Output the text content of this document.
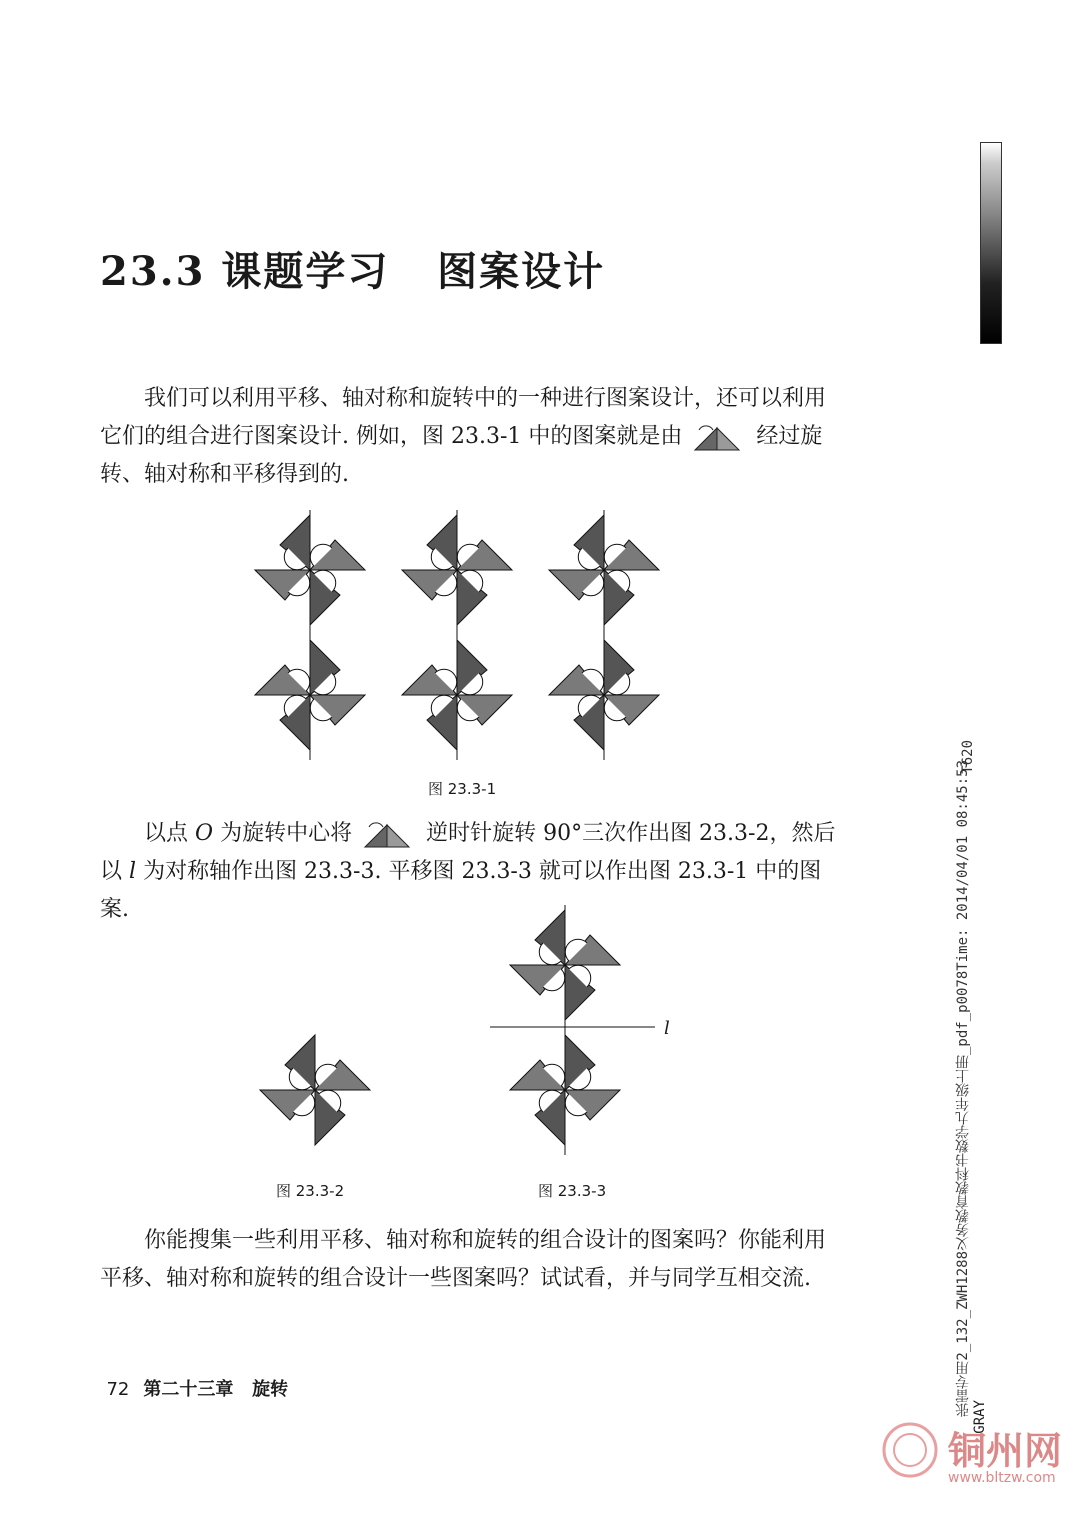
23.3 课题学习   图案设计
我们可以利用平移、轴对称和旋转中的一种进行图案设计，还可以利用它们的组合进行图案设计. 例如，图 23.3-1 中的图案就是由	经过旋转、轴对称和平移得到的.
图 23.3-1
以点 O 为旋转中心将	逆时针旋转 90°三次作出图 23.3-2，然后以 l 为对称轴作出图 23.3-3. 平移图 23.3-3 就可以作出图 23.3-1 中的图案.
图 23.3-2
l
图 23.3-3
你能搜集一些利用平移、轴对称和旋转的组合设计的图案吗？你能利用平移、轴对称和旋转的组合设计一些图案吗？试试看，并与同学互相交流.

72 第二十三章   旋转

T620
张雷专用2_132_ZWH1288义务教育教科书数学九年级上册_pdf_p0078Time: 2014/04/01 08:45:53
GRAY
铜州网
www.bltzw.com
